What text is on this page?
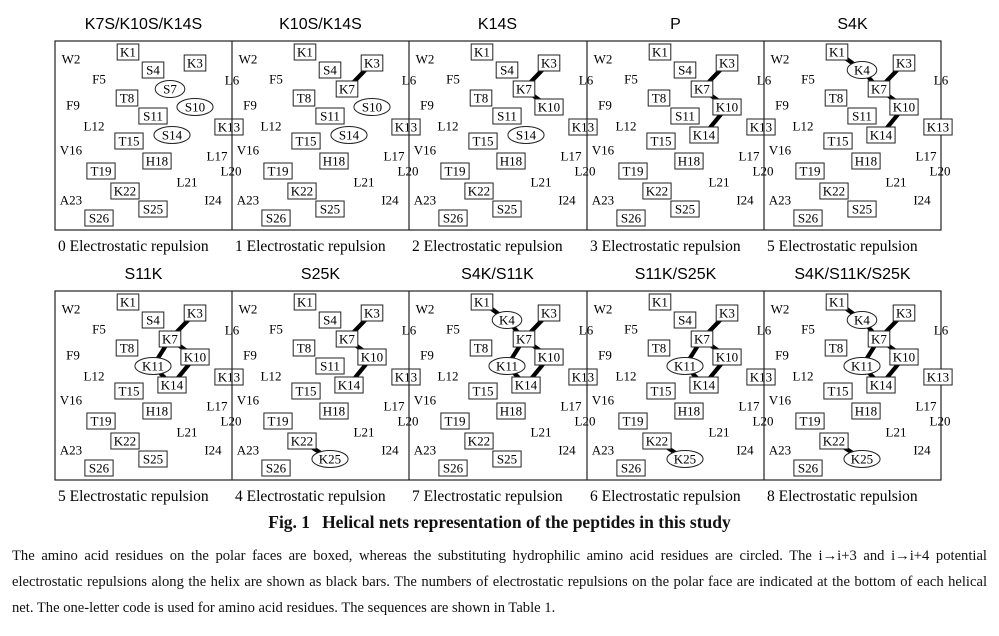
K7S/K10S/K14S
K1
W2	K3
S4
F5	L6
S7
T8
F9	S10
S11
L12	K13
S14
T15
V16	L17
H18
T19	L20
L21
K22
A23	I24
S25
S26
0 Electrostatic repulsion
K10S/K14S
K1
W2	K3
S4
F5	L6
K7
T8
F9	S10
S11
L12	K13
S14
T15
V16	L17
H18
T19	L20
L21
K22
A23	I24
S25
S26
1 Electrostatic repulsion
K14S
K1
W2	K3
S4
F5	L6
K7
T8
F9	K10
S11
L12	K13
S14
T15
V16	L17
H18
T19	L20
L21
K22
A23	I24
S25
S26
2 Electrostatic repulsion
P
K1
W2	K3
S4
F5	L6
K7
T8
F9	K10
S11
L12	K13
K14
T15
V16	L17
H18
T19	L20
L21
K22
A23	I24
S25
S26
3 Electrostatic repulsion
S4K
K1
W2	K3
K4
F5	L6
K7
T8
F9	K10
S11
L12	K13
K14
T15
V16	L17
H18
T19	L20
L21
K22
A23	I24
S25
S26
5 Electrostatic repulsion
S11K
K1
W2	K3
S4
F5	L6
K7
T8
F9	K10
K11
L12	K13
K14
T15
V16	L17
H18
T19	L20
L21
K22
A23	I24
S25
S26
5 Electrostatic repulsion
S25K
K1
W2	K3
S4
F5	L6
K7
T8
F9	K10
S11
L12	K13
K14
T15
V16	L17
H18
T19	L20
L21
K22
A23	I24
K25
S26
4 Electrostatic repulsion
S4K/S11K
K1
W2	K3
K4
F5	L6
K7
T8
F9	K10
K11
L12	K13
K14
T15
V16	L17
H18
T19	L20
L21
K22
A23	I24
S25
S26
7 Electrostatic repulsion
S11K/S25K
K1
W2	K3
S4
F5	L6
K7
T8
F9	K10
K11
L12	K13
K14
T15
V16	L17
H18
T19	L20
L21
K22
A23	I24
K25
S26
6 Electrostatic repulsion
S4K/S11K/S25K
K1
W2	K3
K4
F5	L6
K7
T8
F9	K10
K11
L12	K13
K14
T15
V16	L17
H18
T19	L20
L21
K22
A23	I24
K25
S26
8 Electrostatic repulsion

Fig. 1 Helical nets representation of the peptides in this study

The amino acid residues on the polar faces are boxed, whereas the substituting hydrophilic amino acid residues are circled. The i→i+3 and i→i+4 potential electrostatic repulsions along the helix are shown as black bars. The numbers of electrostatic repulsions on the polar face are indicated at the bottom of each helical net. The one-letter code is used for amino acid residues. The sequences are shown in Table 1.
